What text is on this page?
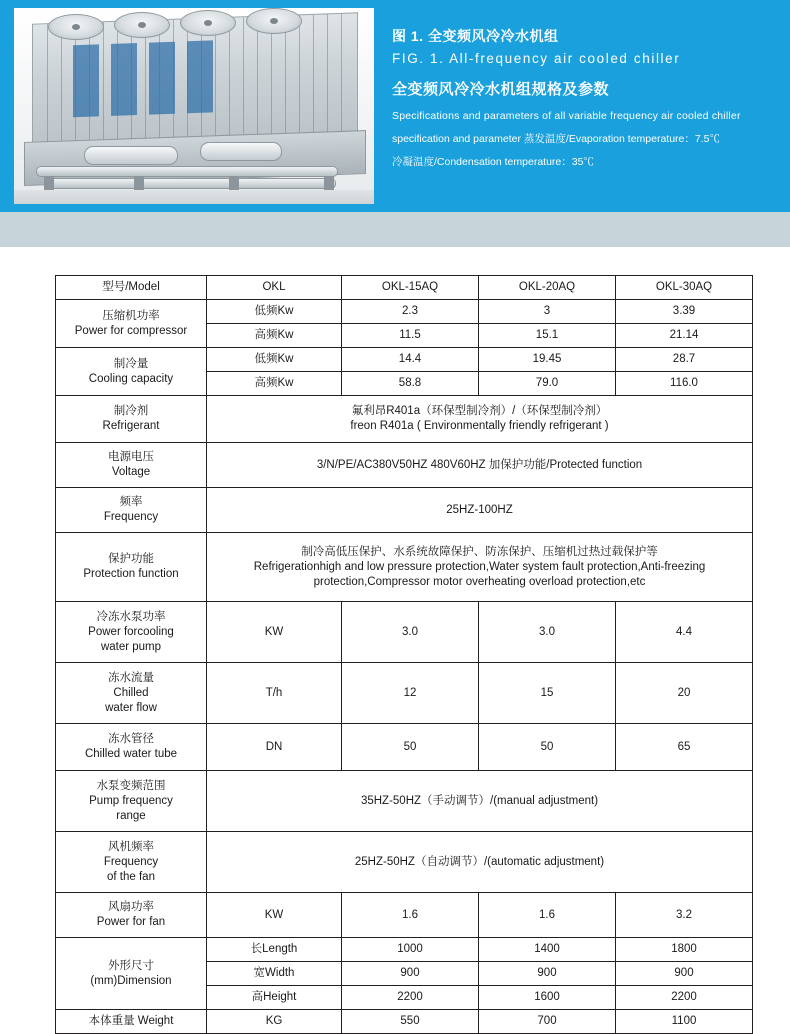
图 1. 全变频风冷冷水机组
FIG. 1. All-frequency air cooled chiller
全变频风冷冷水机组规格及参数
Specifications and parameters of all variable frequency air cooled chiller
specification and parameter 蒸发温度/Evaporation temperature：7.5℃
冷凝温度/Condensation temperature：35℃
型号/Model	OKL	OKL-15AQ	OKL-20AQ	OKL-30AQ

压缩机功率
Power for compressor	低频Kw	2.3	3	3.39
	高频Kw	11.5	15.1	21.14

制冷量
Cooling capacity	低频Kw	14.4	19.45	28.7
	高频Kw	58.8	79.0	116.0

制冷剂
Refrigerant

氟利昂R401a（环保型制冷剂）/（环保型制冷剂）
freon R401a ( Environmentally friendly refrigerant )

电源电压
Voltage	3/N/PE/AC380V50HZ 480V60HZ 加保护功能/Protected function			

频率
Frequency	25HZ-100HZ			

保护功能
Protection function

制冷高低压保护、水系统故障保护、防冻保护、压缩机过热过载保护等
Refrigerationhigh and low pressure protection,Water system fault protection,Anti-freezing
protection,Compressor motor overheating overload protection,etc

冷冻水泵功率
Power forcooling
water pump	KW	3.0	3.0	4.4

冻水流量
Chilled
water flow	T/h	12	15	20

冻水管径
Chilled water tube	DN	50	50	65

水泵变频范围
Pump frequency
range	35HZ-50HZ（手动调节）/(manual adjustment)			

风机频率
Frequency
of the fan	25HZ-50HZ（自动调节）/(automatic adjustment)			

风扇功率
Power for fan	KW	1.6	1.6	3.2

外形尺寸
(mm)Dimension	长Length	1000	1400	1800
	宽Width	900	900	900
	高Height	2200	1600	2200
本体重量 Weight	KG	550	700	1100
